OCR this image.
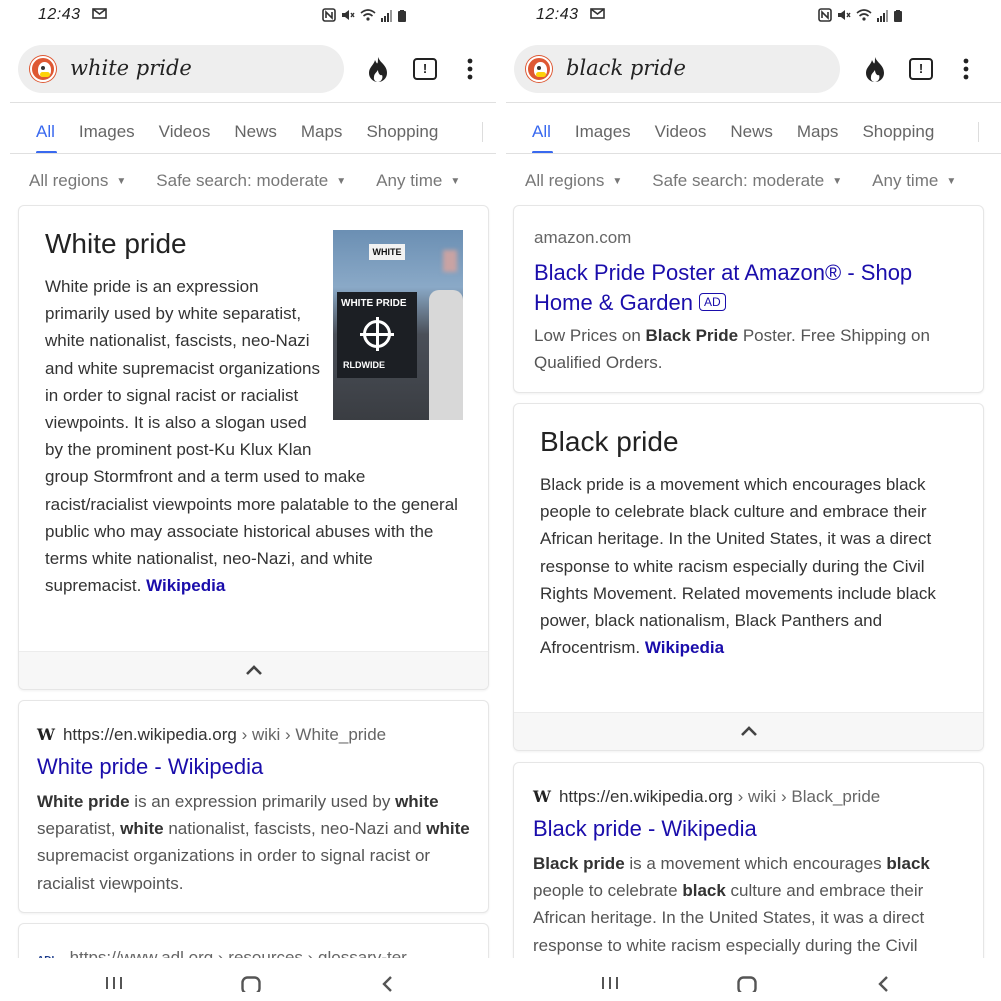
12:43
white pride	!
All Images Videos News Maps Shopping
All regions ▼ Safe search: moderate ▼ Any time ▼
White pride	WHITE
WHITE PRIDE
RLDWIDE
White pride is an expression primarily used by white separatist, white nationalist, fascists, neo-Nazi and white supremacist organizations in order to signal racist or racialist viewpoints. It is also a slogan used by the prominent post-Ku Klux Klan group Stormfront and a term used to make racist/racialist viewpoints more palatable to the general public who may associate historical abuses with the terms white nationalist, neo-Nazi, and white supremacist. Wikipedia
W https://en.wikipedia.org › wiki › White_pride
White pride - Wikipedia
White pride is an expression primarily used by white separatist, white nationalist, fascists, neo-Nazi and white supremacist organizations in order to signal racist or racialist viewpoints.
12:43
black pride	!
All Images Videos News Maps Shopping
All regions ▼ Safe search: moderate ▼ Any time ▼
amazon.com
Black Pride Poster at Amazon® - Shop
Home & Garden AD
Low Prices on Black Pride Poster. Free Shipping on Qualified Orders.
Black pride
Black pride is a movement which encourages black people to celebrate black culture and embrace their African heritage. In the United States, it was a direct response to white racism especially during the Civil Rights Movement. Related movements include black power, black nationalism, Black Panthers and Afrocentrism. Wikipedia
W https://en.wikipedia.org › wiki › Black_pride
Black pride - Wikipedia
Black pride is a movement which encourages black people to celebrate black culture and embrace their African heritage. In the United States, it was a direct response to white racism especially during the Civil
